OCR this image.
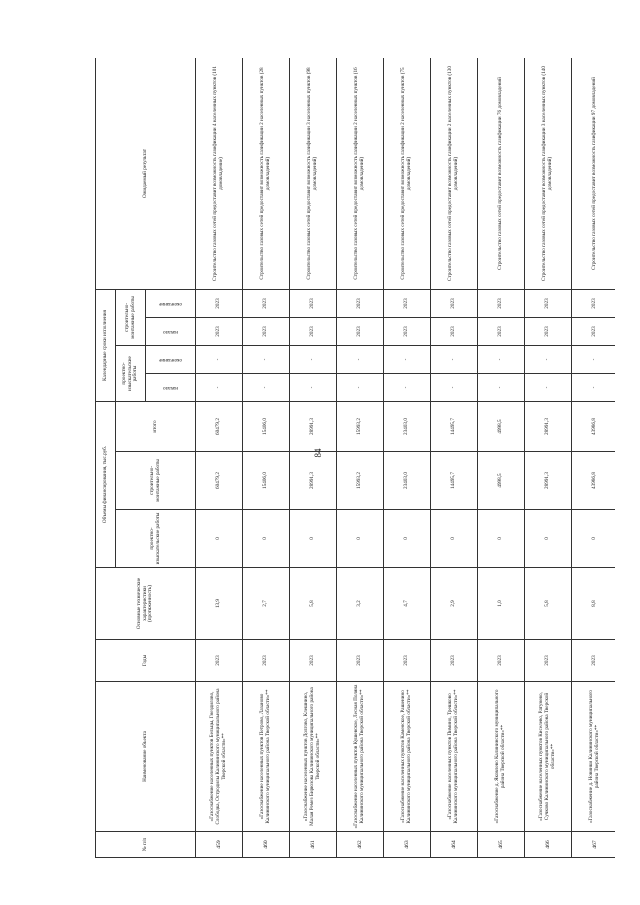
84
№ п/п	Наименование объекта	Годы	Основные технические характеристики (протяженность)	Объемы финансирования, тыс.руб.			Календарные сроки исполнения				Ожидаемый результат
				проектно-изыскательские работы	строительно-монтажные работы	итого	проектно-изыскательские работы		строительно-монтажные работы		

							начало	окончание	начало	окончание	

459	«Газоснабжение населенных пунктов Бельцы, Гнездилово, Слободка, Остродилы Калининского муниципального района Тверской области»**	2023	13,9	0	60479,2	60479,2	-	-	2023	2023	Строительство газовых сетей предоставит возможность газификации 4 населенных пунктов (101 домовладение)
460	«Газоснабжение населенных пунктов Петрово, Лазаново Калининского муниципального района Тверской области»**	2023	2,7	0	15406,0	15406,0	-	-	2023	2023	Строительство газовых сетей предоставит возможность газификации 2 населенных пунктов (28 домовладений)
461	«Газоснабжение населенных пунктов Долгово, Клешнино, Малая Ремез Бирюзова Калининского муниципального района Тверской области»**	2023	5,8	0	28991,3	28991,3	-	-	2023	2023	Строительство газовых сетей предоставит возможность газификации 3 населенных пунктов (98 домовладений)
462	«Газоснабжение населенных пунктов Кушевское, Лесная Поляна Калининского муниципального района Тверской области»**	2023	3,2	0	15993,2	15993,2	-	-	2023	2023	Строительство газовых сетей предоставит возможность газификации 2 населенных пунктов (16 домовладений)
463	«Газоснабжение населенных пунктов Каменское, Рашенино Калининского муниципального района Тверской области»**	2023	4,7	0	23403,0	23403,0	-	-	2023	2023	Строительство газовых сетей предоставит возможность газификации 2 населенных пунктов (75 домовладений)
464	«Газоснабжение населенных пунктов Пимино, Трешково Калининского муниципального района Тверской области»**	2023	2,9	0	14495,7	14495,7	-	-	2023	2023	Строительство газовых сетей предоставит возможность газификации 2 населенных пунктов (130 домовладений)
465	«Газоснабжение д. Яковлево Калининского муниципального района Тверской области»**	2023	1,0	0	4998,5	4998,5	-	-	2023	2023	Строительство газовых сетей предоставит возможность газификации 76 домовладений
466	«Газоснабжение населенных пунктов Киселево, Ратунево, Сучково Калининского муниципального района Тверской области»**	2023	5,8	0	28991,3	28991,3	-	-	2023	2023	Строительство газовых сетей предоставит возможность газификации 3 населенных пунктов (140 домовладений)
467	«Газоснабжение д. Новинки Калининского муниципального района Тверской области»**	2023	8,8	0	43986,8	43986,8	-	-	2023	2023	Строительство газовых сетей предоставит возможность газификации 97 домовладений
